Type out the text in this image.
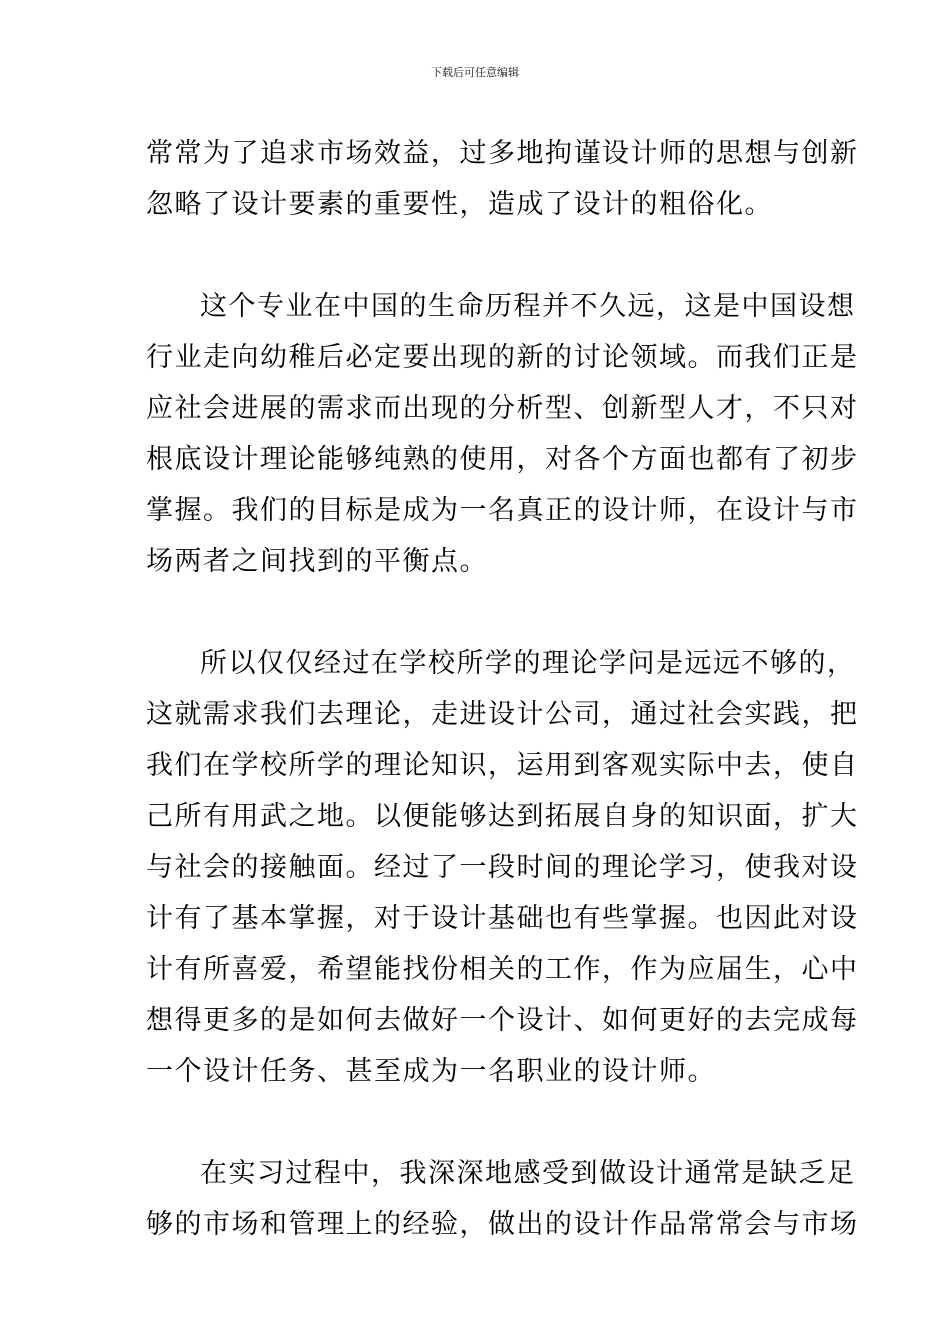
下载后可任意编辑
常常为了追求市场效益，过多地拘谨设计师的思想与创新
忽略了设计要素的重要性，造成了设计的粗俗化。
这个专业在中国的生命历程并不久远，这是中国设想
行业走向幼稚后必定要出现的新的讨论领域。而我们正是
应社会进展的需求而出现的分析型、创新型人才，不只对
根底设计理论能够纯熟的使用，对各个方面也都有了初步
掌握。我们的目标是成为一名真正的设计师，在设计与市
场两者之间找到的平衡点。
所以仅仅经过在学校所学的理论学问是远远不够的，
这就需求我们去理论，走进设计公司，通过社会实践，把
我们在学校所学的理论知识，运用到客观实际中去，使自
己所有用武之地。以便能够达到拓展自身的知识面，扩大
与社会的接触面。经过了一段时间的理论学习，使我对设
计有了基本掌握，对于设计基础也有些掌握。也因此对设
计有所喜爱，希望能找份相关的工作，作为应届生，心中
想得更多的是如何去做好一个设计、如何更好的去完成每
一个设计任务、甚至成为一名职业的设计师。
在实习过程中，我深深地感受到做设计通常是缺乏足
够的市场和管理上的经验，做出的设计作品常常会与市场
